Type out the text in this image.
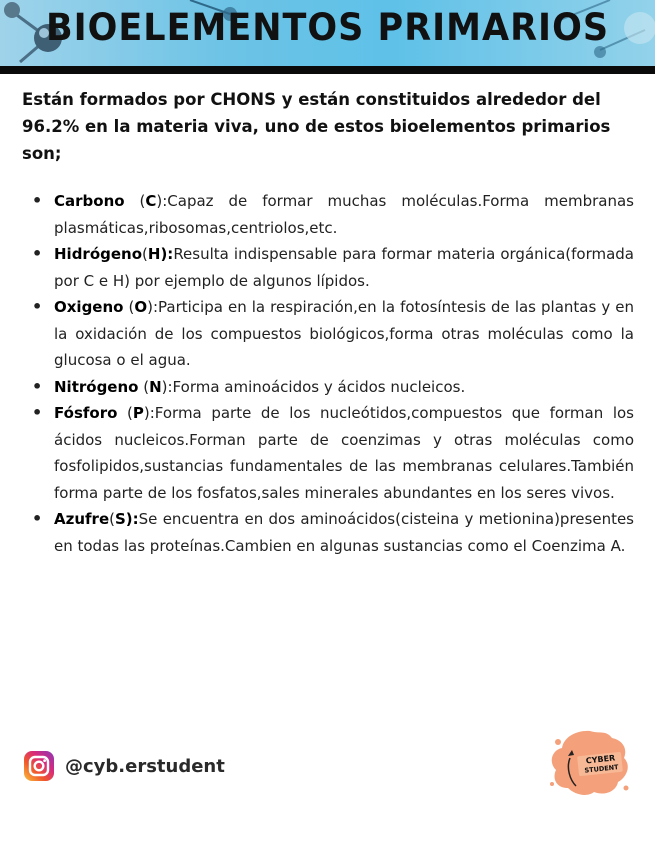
BIOELEMENTOS PRIMARIOS
Están formados por CHONS y están constituidos alrededor del 96.2% en la materia viva, uno de estos bioelementos primarios son;
• Carbono (C):Capaz de formar muchas moléculas.Forma membranas plasmáticas,ribosomas,centriolos,etc.
• Hidrógeno(H):Resulta indispensable para formar materia orgánica(formada por C e H) por ejemplo de algunos lípidos.
• Oxigeno (O):Participa en la respiración,en la fotosíntesis de las plantas y en la oxidación de los compuestos biológicos,forma otras moléculas como la glucosa o el agua.
• Nitrógeno (N):Forma aminoácidos y ácidos nucleicos.
• Fósforo (P):Forma parte de los nucleótidos,compuestos que forman los ácidos nucleicos.Forman parte de coenzimas y otras moléculas como fosfolipidos,sustancias fundamentales de las membranas celulares.También forma parte de los fosfatos,sales minerales abundantes en los seres vivos.
• Azufre(S):Se encuentra en dos aminoácidos(cisteina y metionina)presentes en todas las proteínas.Cambien en algunas sustancias como el Coenzima A.
@cyb.erstudent	CYBER
STUDENT
